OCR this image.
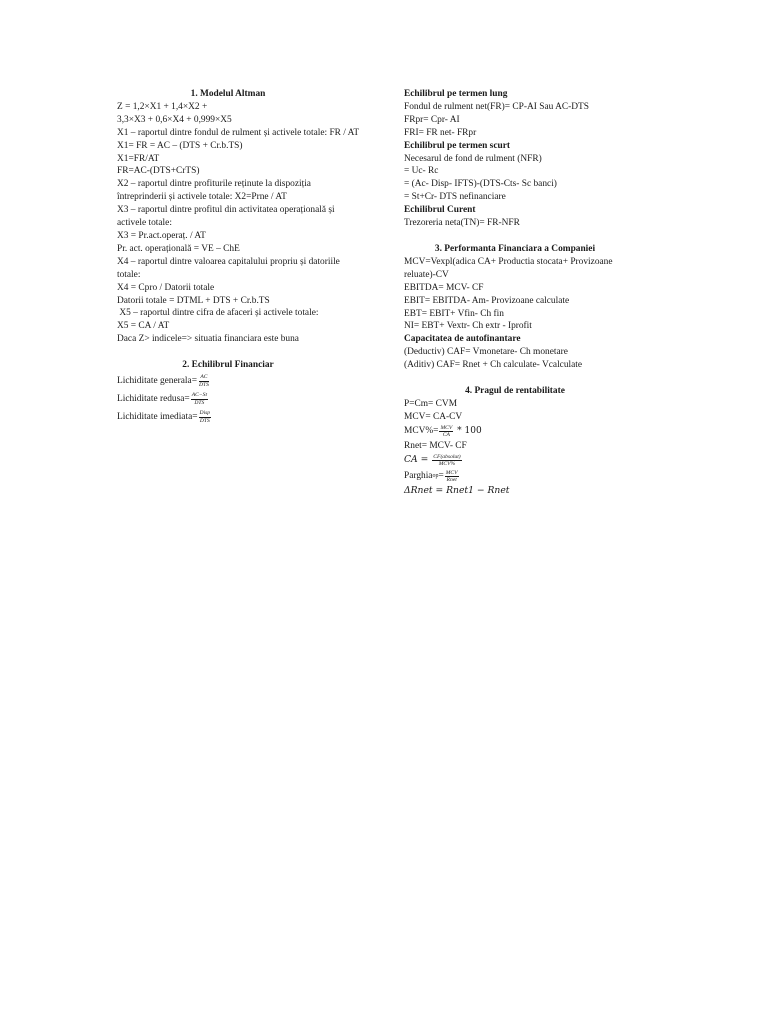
1. Modelul Altman
Z = 1,2×X1 + 1,4×X2 +
3,3×X3 + 0,6×X4 + 0,999×X5
X1 – raportul dintre fondul de rulment și activele totale: FR / AT
X1= FR = AC – (DTS + Cr.b.TS)
X1=FR/AT
FR=AC-(DTS+CrTS)
X2 – raportul dintre profiturile reținute la dispoziția
întreprinderii și activele totale: X2=Prne / AT
X3 – raportul dintre profitul din activitatea operațională și
activele totale:
X3 = Pr.act.operaț. / AT
Pr. act. operațională = VE – ChE
X4 – raportul dintre valoarea capitalului propriu și datoriile
totale:
X4 = Cpro / Datorii totale
Datorii totale = DTML + DTS + Cr.b.TS
X5 – raportul dintre cifra de afaceri și activele totale:
X5 = CA / AT
Daca Z> indicele=> situatia financiara este buna
2. Echilibrul Financiar
Lichiditate generala= $\frac{AC}{\text{DTS}}$
Lichiditate redusa= $\frac{AC-St}{\text{DTS}}$
Lichiditate imediata= $\frac{\text{Disp}}{\text{DTS}}$
Echilibrul pe termen lung
Fondul de rulment net(FR)= CP-AI Sau AC-DTS
FRpr= Cpr- AI
FRI= FR net- FRpr
Echilibrul pe termen scurt
Necesarul de fond de rulment (NFR)
= Uc- Rc
= (Ac- Disp- IFTS)-(DTS-Cts- Sc banci)
= St+Cr- DTS nefinanciare
Echilibrul Curent
Trezoreria neta(TN)= FR-NFR
3. Performanta Financiara a Companiei
MCV=Vexpl(adica CA+ Productia stocata+ Provizoane
reluate)-CV
EBITDA= MCV- CF
EBIT= EBITDA- Am- Provizoane calculate
EBT= EBIT+ Vfin- Ch fin
NI= EBT+ Vextr- Ch extr - Iprofit
Capacitatea de autofinantare
(Deductiv) CAF= Vmonetare- Ch monetare
(Aditiv) CAF= Rnet + Ch calculate- Vcalculate
4. Pragul de rentabilitate
P=Cm= CVM
MCV= CA-CV
$MCV\%= \frac{\text{MCV}}{CA} * 100$
Rnet= MCV- CF
CA = $\frac{\text{CF(absolut)}}{\text{MCV\%}}$
Parghia op = $\frac{\text{MCV}}{\text{Rnet}}$
ΔRnet = Rnet1 − Rnet
